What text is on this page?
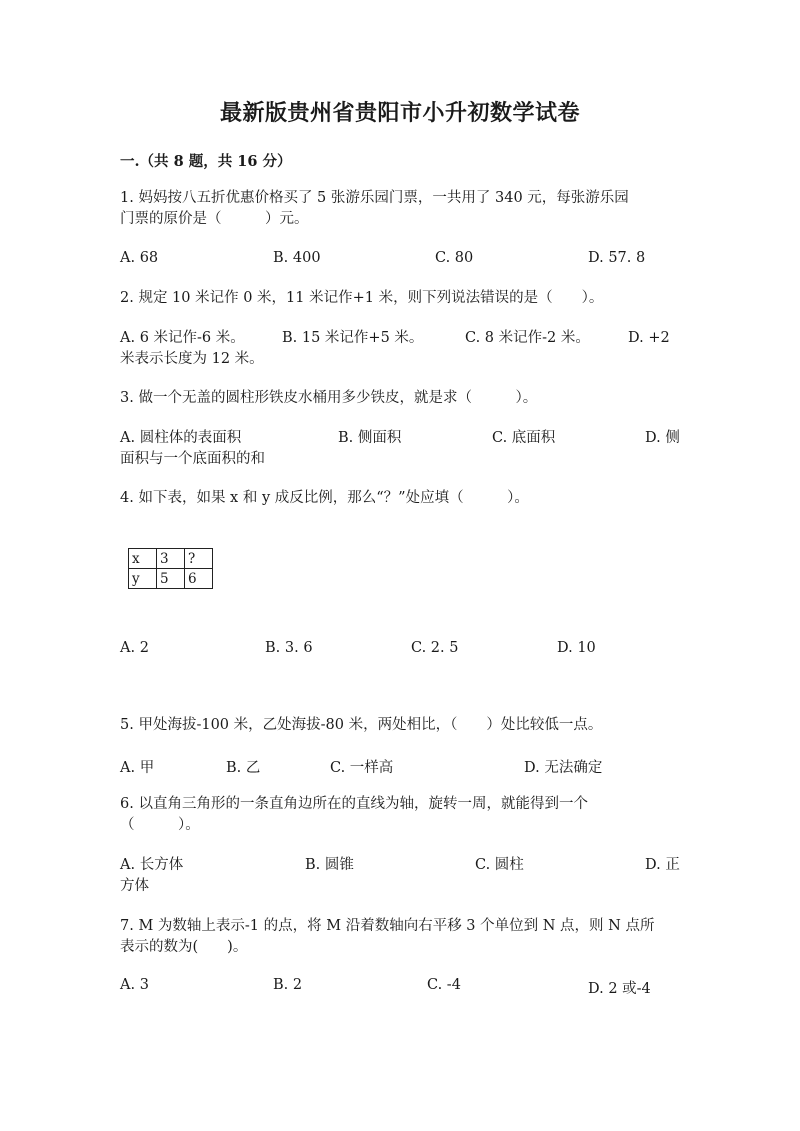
最新版贵州省贵阳市小升初数学试卷
一.（共 8 题，共 16 分）
1. 妈妈按八五折优惠价格买了 5 张游乐园门票，一共用了 340 元，每张游乐园
门票的原价是（　　　）元。
A. 68	B. 400	C. 80	D. 57. 8
2. 规定 10 米记作 0 米，11 米记作+1 米，则下列说法错误的是（　　）。
A. 6 米记作-6 米。	B. 15 米记作+5 米。	C. 8 米记作-2 米。	D. +2
米表示长度为 12 米。
3. 做一个无盖的圆柱形铁皮水桶用多少铁皮，就是求（　　　）。
A. 圆柱体的表面积	B. 侧面积	C. 底面积	D. 侧
面积与一个底面积的和
4. 如下表，如果 x 和 y 成反比例，那么“？”处应填（　　　）。
x	3	?
y	5	6
A. 2	B. 3. 6	C. 2. 5	D. 10
5. 甲处海拔-100 米，乙处海拔-80 米，两处相比，（　　）处比较低一点。
A. 甲	B. 乙	C. 一样高	D. 无法确定
6. 以直角三角形的一条直角边所在的直线为轴，旋转一周，就能得到一个
（　　　）。
A. 长方体	B. 圆锥	C. 圆柱	D. 正
方体
7. M 为数轴上表示-1 的点，将 M 沿着数轴向右平移 3 个单位到 N 点，则 N 点所
表示的数为(　　)。
A. 3	B. 2	C. -4	D. 2 或-4
